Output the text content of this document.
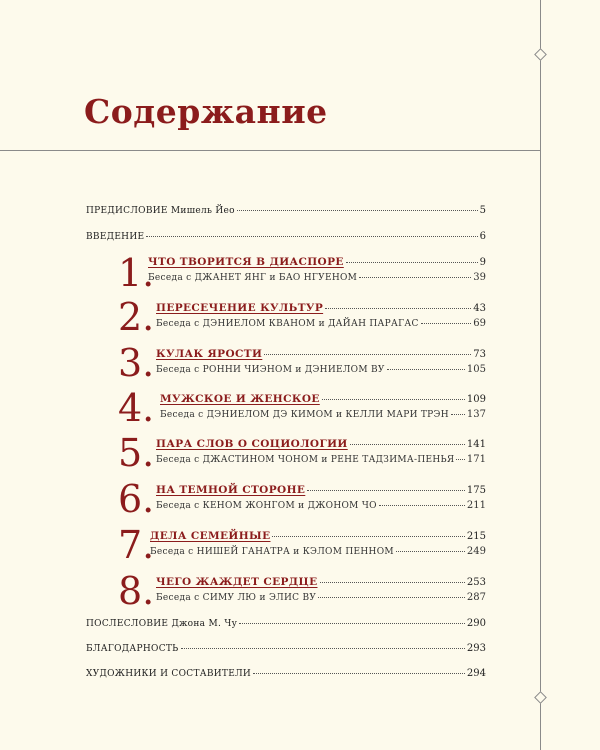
Содержание
ПРЕДИСЛОВИЕ Мишель Йео	5
ВВЕДЕНИЕ	6
1.
ЧТО ТВОРИТСЯ В ДИАСПОРЕ	9
Беседа с ДЖАНЕТ ЯНГ и БАО НГУЕНОМ	39
2. ПЕРЕСЕЧЕНИЕ КУЛЬТУР	43
Беседа с ДЭНИЕЛОМ КВАНОМ и ДАЙАН ПАРАГАС	69
3. КУЛАК ЯРОСТИ	73
Беседа с РОННИ ЧИЭНОМ и ДЭНИЕЛОМ ВУ	105
4. МУЖСКОЕ И ЖЕНСКОЕ	109
Беседа с ДЭНИЕЛОМ ДЭ КИМОМ и КЕЛЛИ МАРИ ТРЭН 137
5. ПАРА СЛОВ О СОЦИОЛОГИИ	141
Беседа с ДЖАСТИНОМ ЧОНОМ и РЕНЕ ТАДЗИМА-ПЕНЬЯ 171
6. НА ТЕМНОЙ СТОРОНЕ	175
Беседа с КЕНОМ ЖОНГОМ и ДЖОНОМ ЧО	211
7.
ДЕЛА СЕМЕЙНЫЕ	215
Беседа с НИШЕЙ ГАНАТРА и КЭЛОМ ПЕННОМ	249
8. ЧЕГО ЖАЖДЕТ СЕРДЦЕ	253
Беседа с СИМУ ЛЮ и ЭЛИС ВУ	287
ПОСЛЕСЛОВИЕ Джона М. Чу	290
БЛАГОДАРНОСТЬ	293
ХУДОЖНИКИ И СОСТАВИТЕЛИ	294
